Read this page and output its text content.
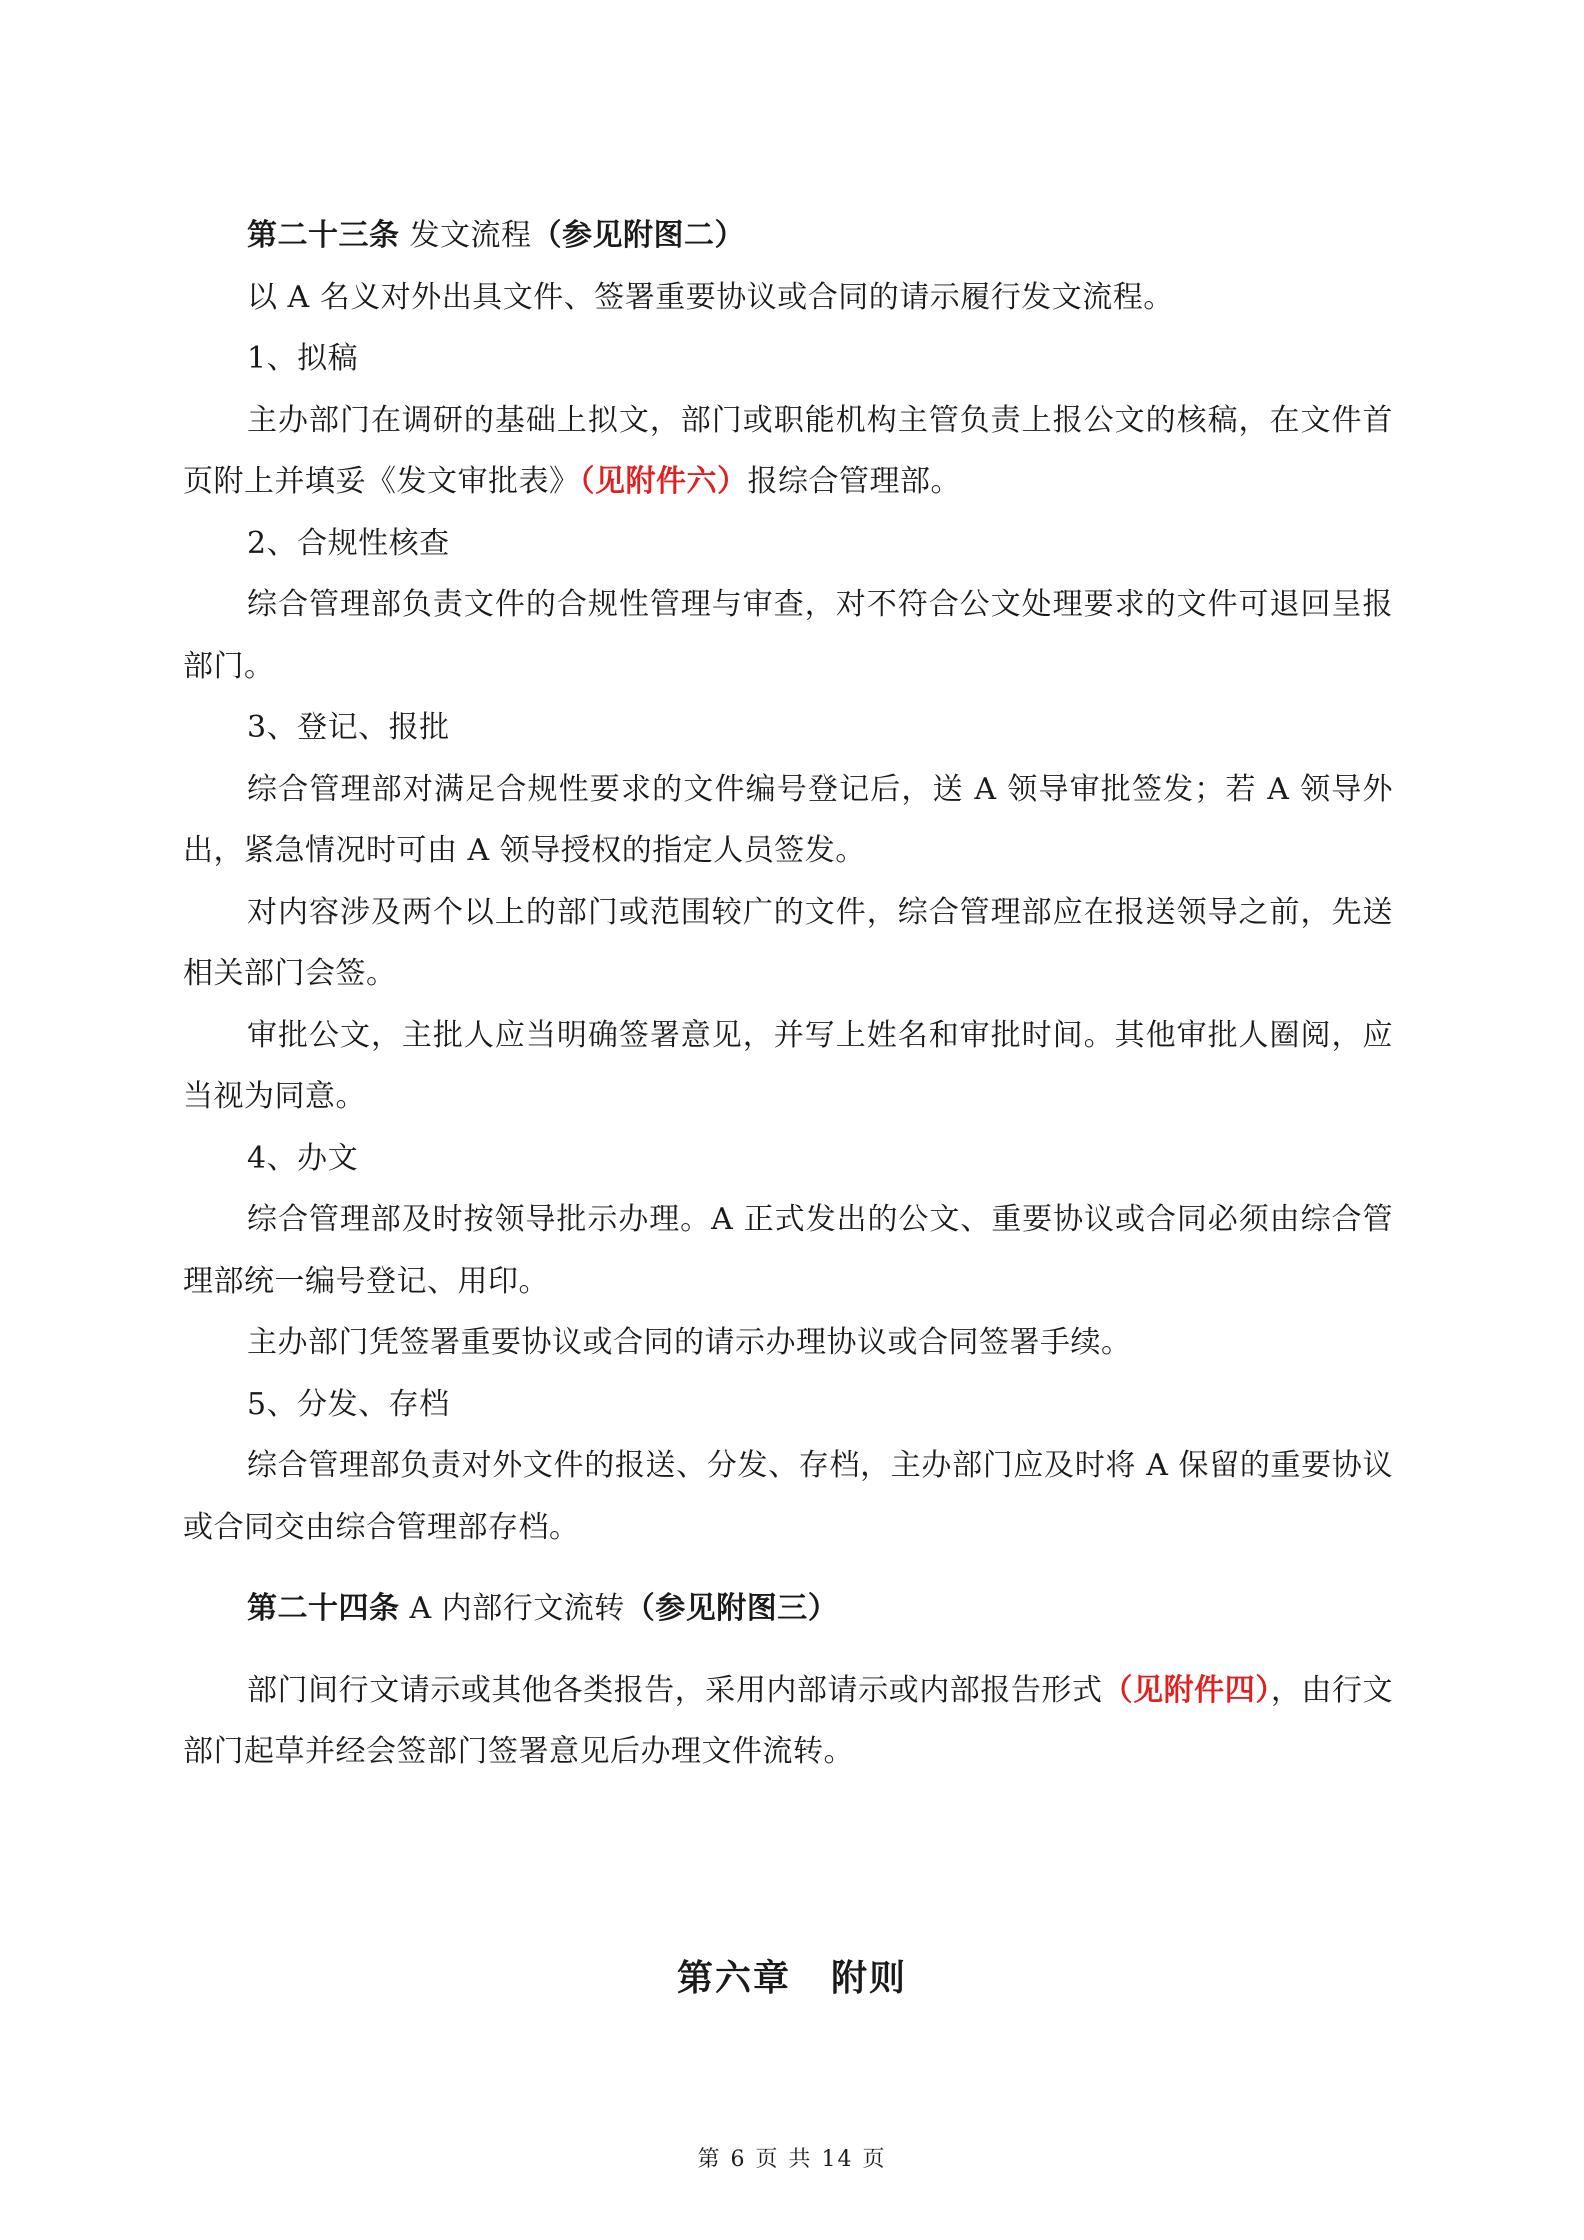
第二十三条 发文流程（参见附图二）

以 A 名义对外出具文件、签署重要协议或合同的请示履行发文流程。

1、拟稿

主办部门在调研的基础上拟文，部门或职能机构主管负责上报公文的核稿，在文件首页附上并填妥《发文审批表》（见附件六）报综合管理部。

2、合规性核查

综合管理部负责文件的合规性管理与审查，对不符合公文处理要求的文件可退回呈报部门。

3、登记、报批

综合管理部对满足合规性要求的文件编号登记后，送 A 领导审批签发；若 A 领导外出，紧急情况时可由 A 领导授权的指定人员签发。

对内容涉及两个以上的部门或范围较广的文件，综合管理部应在报送领导之前，先送相关部门会签。

审批公文，主批人应当明确签署意见，并写上姓名和审批时间。其他审批人圈阅，应当视为同意。

4、办文

综合管理部及时按领导批示办理。A 正式发出的公文、重要协议或合同必须由综合管理部统一编号登记、用印。

主办部门凭签署重要协议或合同的请示办理协议或合同签署手续。

5、分发、存档

综合管理部负责对外文件的报送、分发、存档，主办部门应及时将 A 保留的重要协议或合同交由综合管理部存档。

第二十四条 A 内部行文流转（参见附图三）

部门间行文请示或其他各类报告，采用内部请示或内部报告形式（见附件四），由行文部门起草并经会签部门签署意见后办理文件流转。

第六章 附则
第 6 页 共 14 页
